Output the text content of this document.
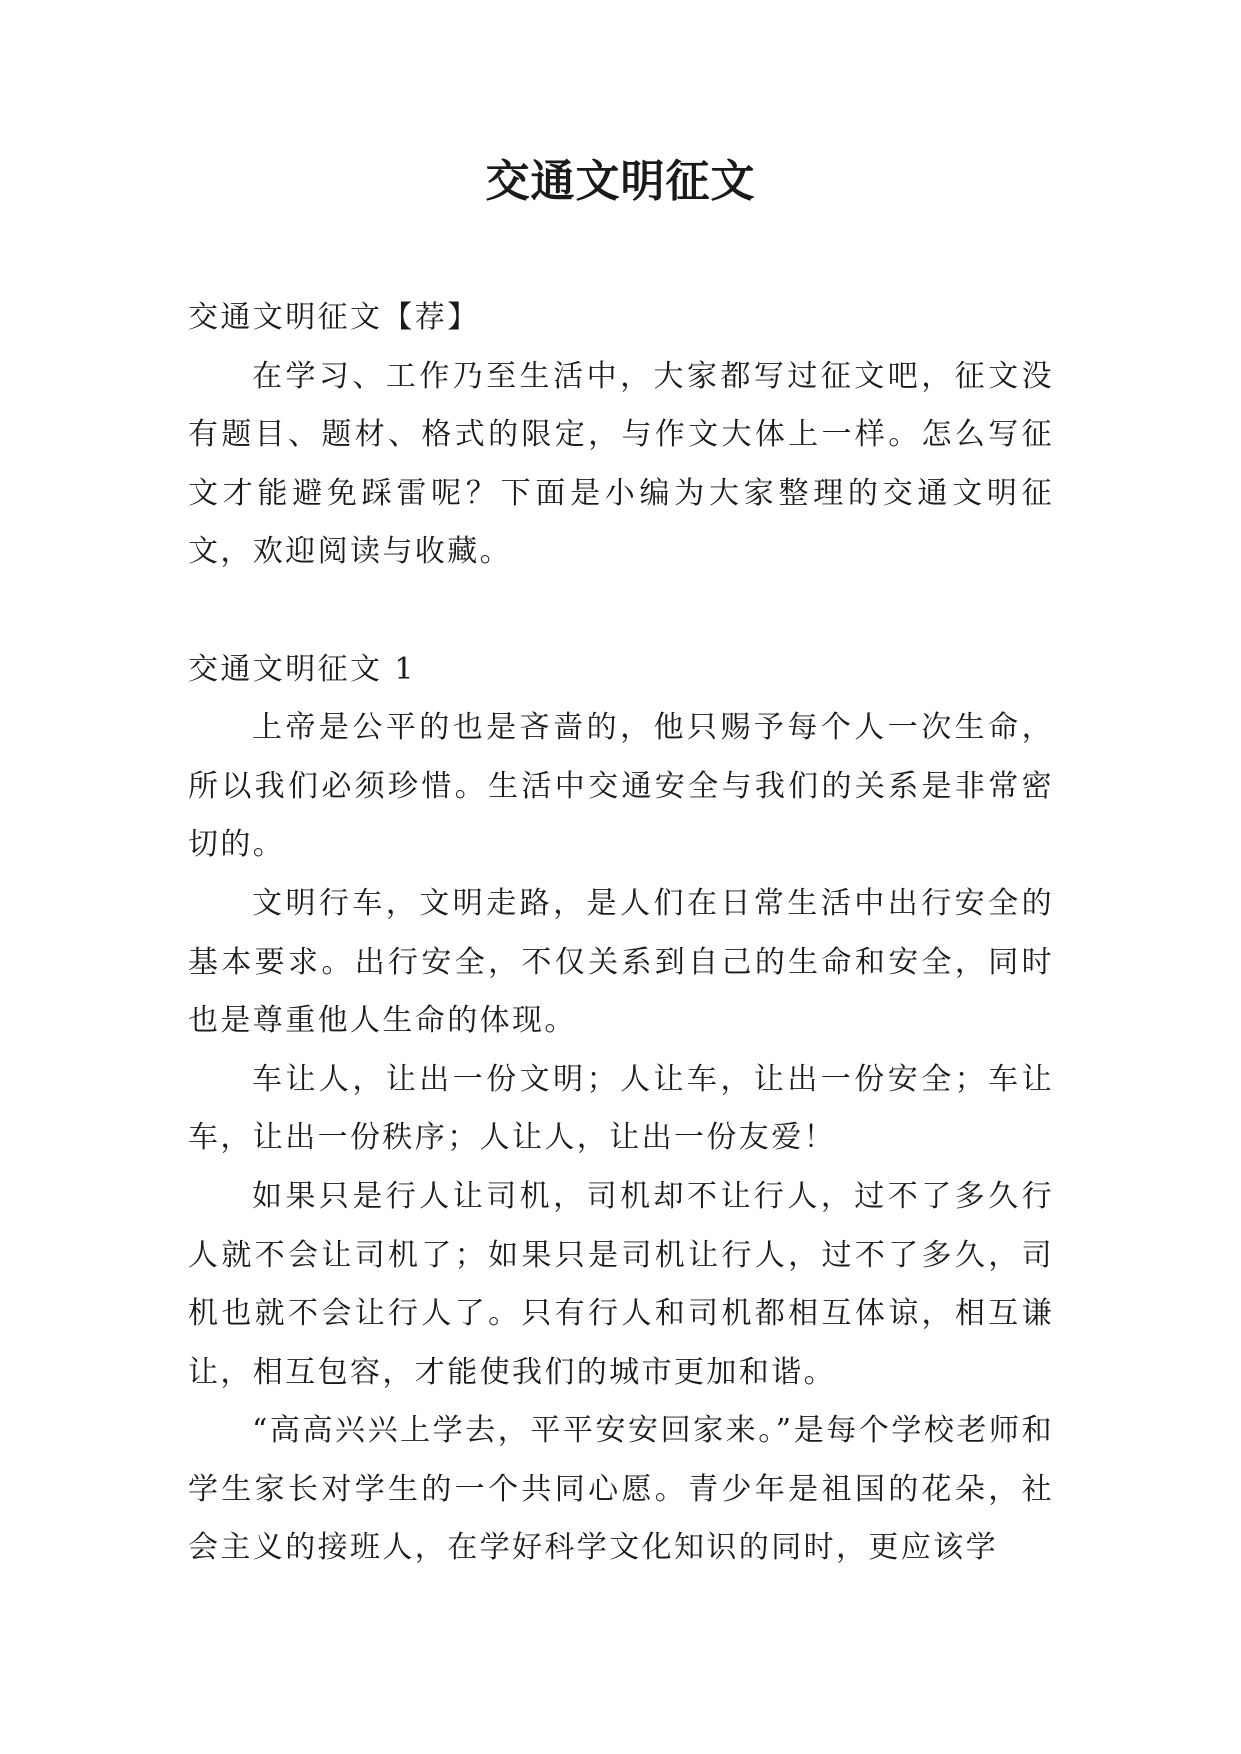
交通文明征文

交通文明征文【荐】

在学习、工作乃至生活中，大家都写过征文吧，征文没有题目、题材、格式的限定，与作文大体上一样。怎么写征文才能避免踩雷呢？下面是小编为大家整理的交通文明征文，欢迎阅读与收藏。

交通文明征文 1

上帝是公平的也是吝啬的，他只赐予每个人一次生命，所以我们必须珍惜。生活中交通安全与我们的关系是非常密切的。

文明行车，文明走路，是人们在日常生活中出行安全的基本要求。出行安全，不仅关系到自己的生命和安全，同时也是尊重他人生命的体现。

车让人，让出一份文明；人让车，让出一份安全；车让车，让出一份秩序；人让人，让出一份友爱！

如果只是行人让司机，司机却不让行人，过不了多久行人就不会让司机了；如果只是司机让行人，过不了多久，司机也就不会让行人了。只有行人和司机都相互体谅，相互谦让，相互包容，才能使我们的城市更加和谐。

“高高兴兴上学去，平平安安回家来。”是每个学校老师和学生家长对学生的一个共同心愿。青少年是祖国的花朵，社会主义的接班人，在学好科学文化知识的同时，更应该学
